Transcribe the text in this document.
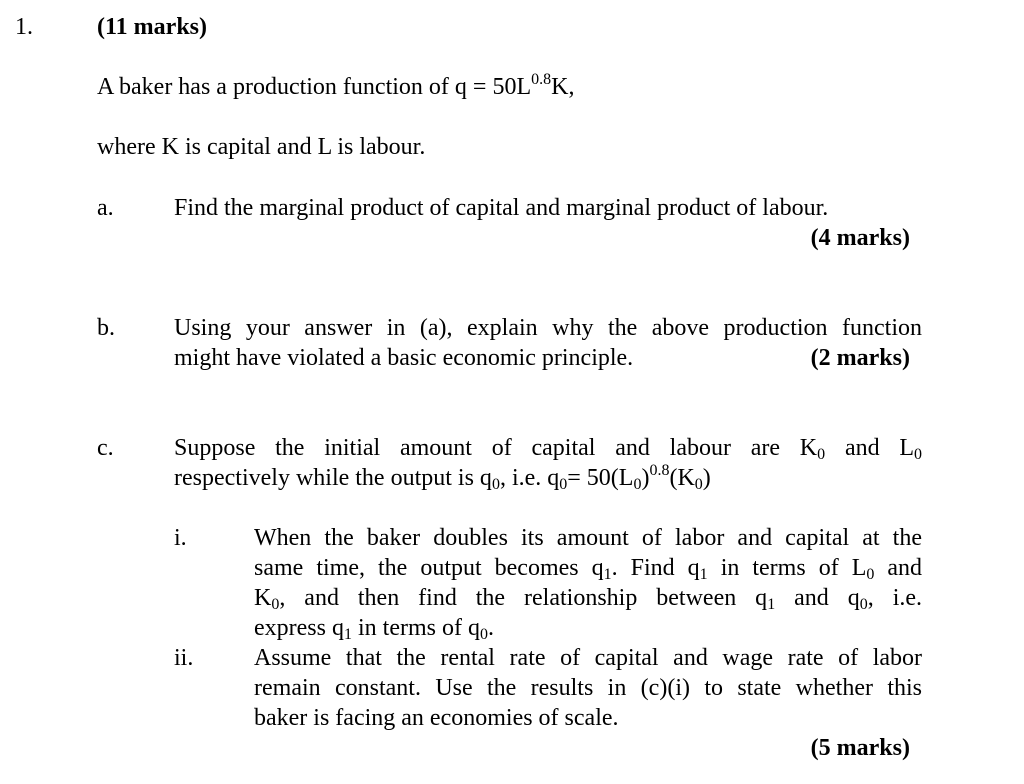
1.	(11 marks)
A baker has a production function of $q = 50L^{0.8}K$,
where K is capital and L is labour.
a.	Find the marginal product of capital and marginal product of labour.
(4 marks)
b. Using your answer in (a), explain why the above production function
might have violated a basic economic principle.	(2 marks)
c.	Suppose the initial amount of capital and labour are $K_0$ and $L_0$
respectively while the output is $q_0$, i.e. $q_0= 50(L_0)^{0.8}(K_0)$
i.	When the baker doubles its amount of labor and capital at the
same time, the output becomes $q_1$. Find $q_1$ in terms of $L_0$ and
$K_0$, and then find the relationship between $q_1$ and $q_0$, i.e.
express $q_1$ in terms of $q_0$.
ii.	Assume that the rental rate of capital and wage rate of labor
remain constant. Use the results in (c)(i) to state whether this
baker is facing an economies of scale.
(5 marks)
